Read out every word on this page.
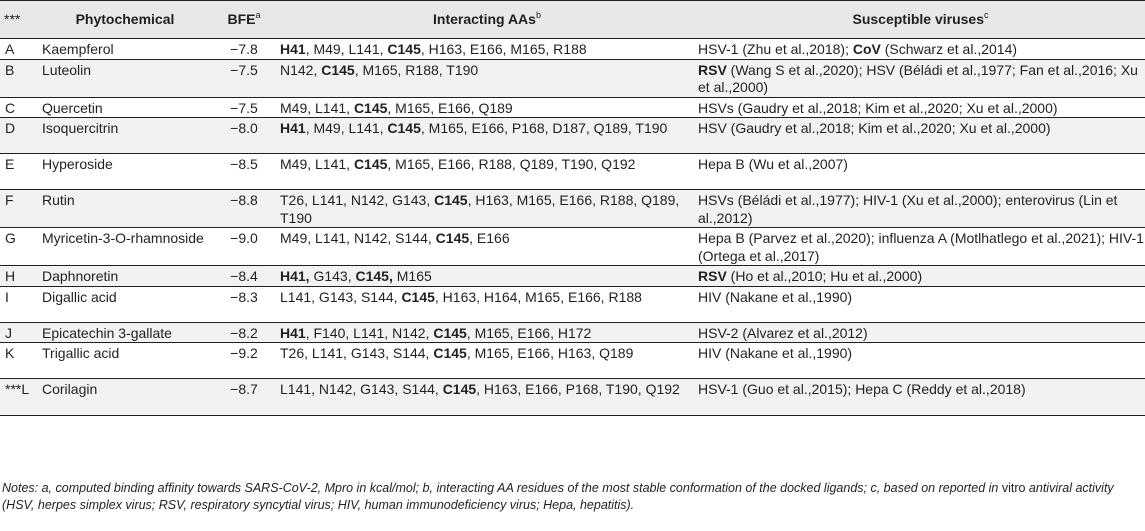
***	Phytochemical	BFE$^a$	Interacting AAs$^b$	Susceptible viruses$^c$
A	Kaempferol	−7.8	H41, M49, L141, C145, H163, E166, M165, R188	HSV-1 (Zhu et al.,2018); CoV (Schwarz et al.,2014)

B	Luteolin	−7.5	N142, C145, M165, R188, T190	RSV (Wang S et al.,2020); HSV (Béládi et al.,1977; Fan et al.,2016; Xu et al.,2000)

C	Quercetin	−7.5	M49, L141, C145, M165, E166, Q189	HSVs (Gaudry et al.,2018; Kim et al.,2020; Xu et al.,2000)

D	Isoquercitrin	−8.0	H41, M49, L141, C145, M165, E166, P168, D187, Q189, T190	HSV (Gaudry et al.,2018; Kim et al.,2020; Xu et al.,2000)

E	Hyperoside	−8.5	M49, L141, C145, M165, E166, R188, Q189, T190, Q192	Hepa B (Wu et al.,2007)

F	Rutin	−8.8	T26, L141, N142, G143, C145, H163, M165, E166, R188, Q189, T190	HSVs (Béládi et al.,1977); HIV-1 (Xu et al.,2000); enterovirus (Lin et al.,2012)

G	Myricetin-3-O-rhamnoside	−9.0	M49, L141, N142, S144, C145, E166	Hepa B (Parvez et al.,2020); influenza A (Motlhatlego et al.,2021); HIV-1 (Ortega et al.,2017)

H	Daphnoretin	−8.4	H41, G143, C145, M165	RSV (Ho et al.,2010; Hu et al.,2000)

I	Digallic acid	−8.3	L141, G143, S144, C145, H163, H164, M165, E166, R188	HIV (Nakane et al.,1990)

J	Epicatechin 3-gallate	−8.2	H41, F140, L141, N142, C145, M165, E166, H172	HSV-2 (Alvarez et al.,2012)

K	Trigallic acid	−9.2	T26, L141, G143, S144, C145, M165, E166, H163, Q189	HIV (Nakane et al.,1990)

***L	Corilagin	−8.7	L141, N142, G143, S144, C145, H163, E166, P168, T190, Q192	HSV-1 (Guo et al.,2015); Hepa C (Reddy et al.,2018)
Notes: a, computed binding affinity towards SARS-CoV-2, Mpro in kcal/mol; b, interacting AA residues of the most stable conformation of the docked ligands; c, based on reported in vitro antiviral activity (HSV, herpes simplex virus; RSV, respiratory syncytial virus; HIV, human immunodeficiency virus; Hepa, hepatitis).
